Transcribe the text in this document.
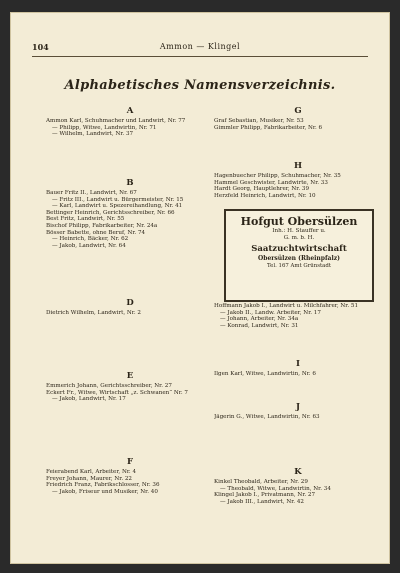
104	Ammon — Klingel
Alphabetisches Namensverzeichnis.
A
Ammon Karl, Schuhmacher und Landwirt, Nr. 77
— Philipp, Witwe, Landwirtin, Nr. 71
— Wilhelm, Landwirt, Nr. 37
B
Bauer Fritz II., Landwirt, Nr. 67
— Fritz III., Landwirt u. Bürgermeister, Nr. 15
— Karl, Landwirt u. Spezereihandlung, Nr. 41
Bettinger Heinrich, Gerichtsschreiber, Nr. 66
Best Fritz, Landwirt, Nr. 55
Bischof Philipp, Fabrikarbeiter, Nr. 24a
Bösser Babette, ohne Beruf, Nr. 74
— Heinrich, Bäcker, Nr. 62
— Jakob, Landwirt, Nr. 64
D
Dietrich Wilhelm, Landwirt, Nr. 2
E
Emmerich Johann, Gerichtsschreiber, Nr. 27
Eckert Fr., Witwe, Wirtschaft „z. Schwanen“ Nr. 7
— Jakob, Landwirt, Nr. 17
F
Feierabend Karl, Arbeiter, Nr. 4
Freyer Johann, Maurer, Nr. 22
Friedrich Franz, Fabrikschlosser, Nr. 36
— Jakob, Friseur und Musiker, Nr. 40
G
Graf Sebastian, Musiker, Nr. 53
Gimmler Philipp, Fabrikarbeiter, Nr. 6
H
Hagenbuecher Philipp, Schuhmacher, Nr. 35
Hammel Geschwister, Landwirte, Nr. 33
Hardt Georg, Hauptlehrer, Nr. 39
Herzfeld Heinrich, Landwirt, Nr. 10
Hoffmann Jakob I., Landwirt u. Milchfahrer, Nr. 51
— Jakob II., Landw. Arbeiter, Nr. 17
— Johann, Arbeiter, Nr. 34a
— Konrad, Landwirt, Nr. 31
I
Ilgen Karl, Witwe, Landwirtin, Nr. 6
J
Jägerin G., Witwe, Landwirtin, Nr. 63
K
Kinkel Theobald, Arbeiter, Nr. 29
— Theobald, Witwe, Landwirtin, Nr. 34
Klingel Jakob I., Privatmann, Nr. 27
— Jakob III., Landwirt, Nr. 42
Hofgut Obersülzen
Inh.: H. Stauffer u.
G. m. b. H.
Saatzuchtwirtschaft
Obersülzen (Rheinpfalz)
Tel. 167 Amt Grünstadt
